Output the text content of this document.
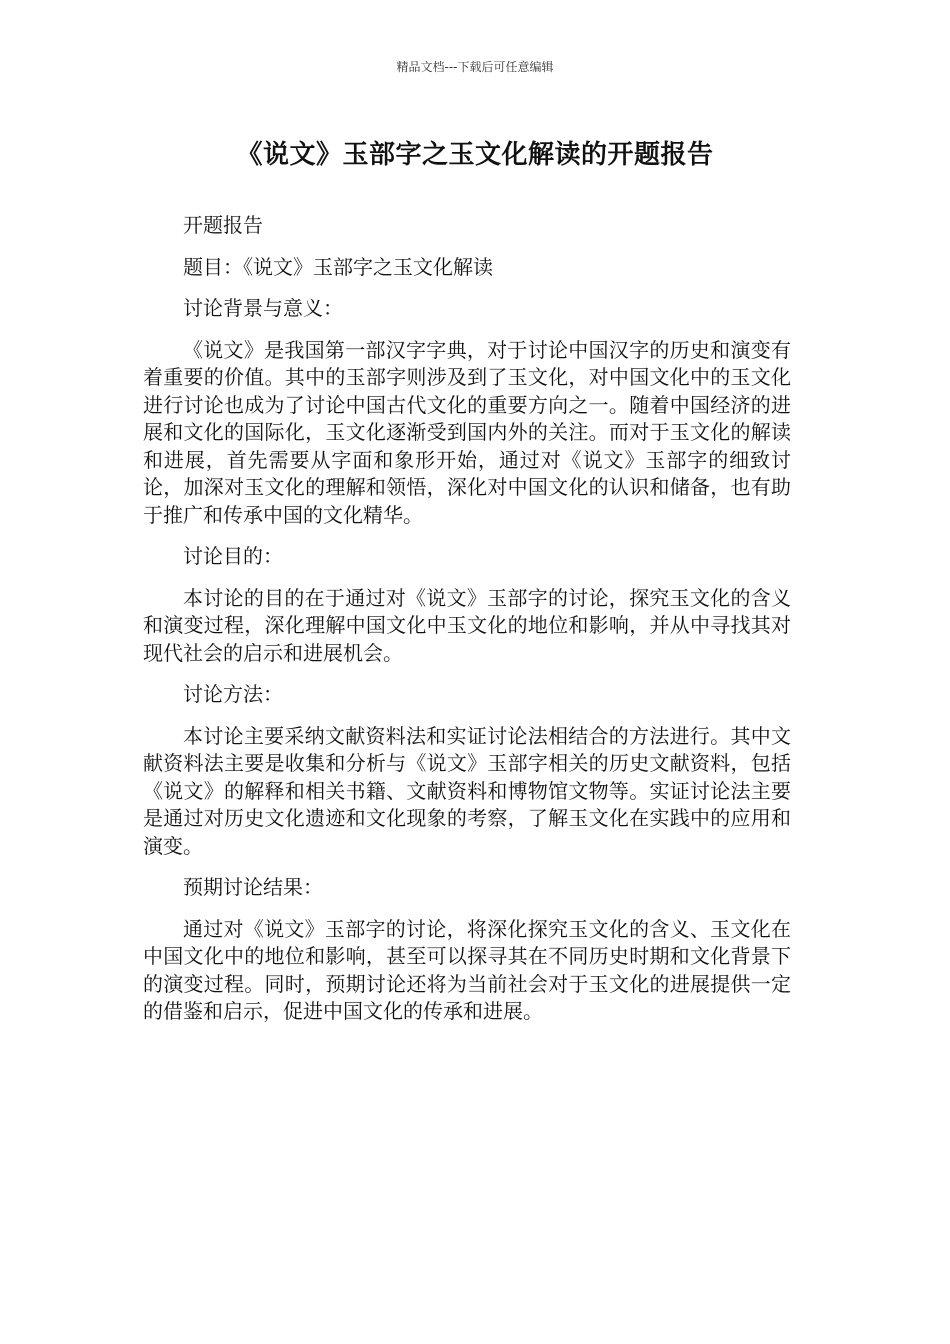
精品文档---下载后可任意编辑
《说文》玉部字之玉文化解读的开题报告

开题报告

题目：《说文》玉部字之玉文化解读

讨论背景与意义：

《说文》是我国第一部汉字字典，对于讨论中国汉字的历史和演变有着重要的价值。其中的玉部字则涉及到了玉文化，对中国文化中的玉文化进行讨论也成为了讨论中国古代文化的重要方向之一。随着中国经济的进展和文化的国际化，玉文化逐渐受到国内外的关注。而对于玉文化的解读和进展，首先需要从字面和象形开始，通过对《说文》玉部字的细致讨论，加深对玉文化的理解和领悟，深化对中国文化的认识和储备，也有助于推广和传承中国的文化精华。

讨论目的：

本讨论的目的在于通过对《说文》玉部字的讨论，探究玉文化的含义和演变过程，深化理解中国文化中玉文化的地位和影响，并从中寻找其对现代社会的启示和进展机会。

讨论方法：

本讨论主要采纳文献资料法和实证讨论法相结合的方法进行。其中文献资料法主要是收集和分析与《说文》玉部字相关的历史文献资料，包括《说文》的解释和相关书籍、文献资料和博物馆文物等。实证讨论法主要是通过对历史文化遗迹和文化现象的考察，了解玉文化在实践中的应用和演变。

预期讨论结果：

通过对《说文》玉部字的讨论，将深化探究玉文化的含义、玉文化在中国文化中的地位和影响，甚至可以探寻其在不同历史时期和文化背景下的演变过程。同时，预期讨论还将为当前社会对于玉文化的进展提供一定的借鉴和启示，促进中国文化的传承和进展。
